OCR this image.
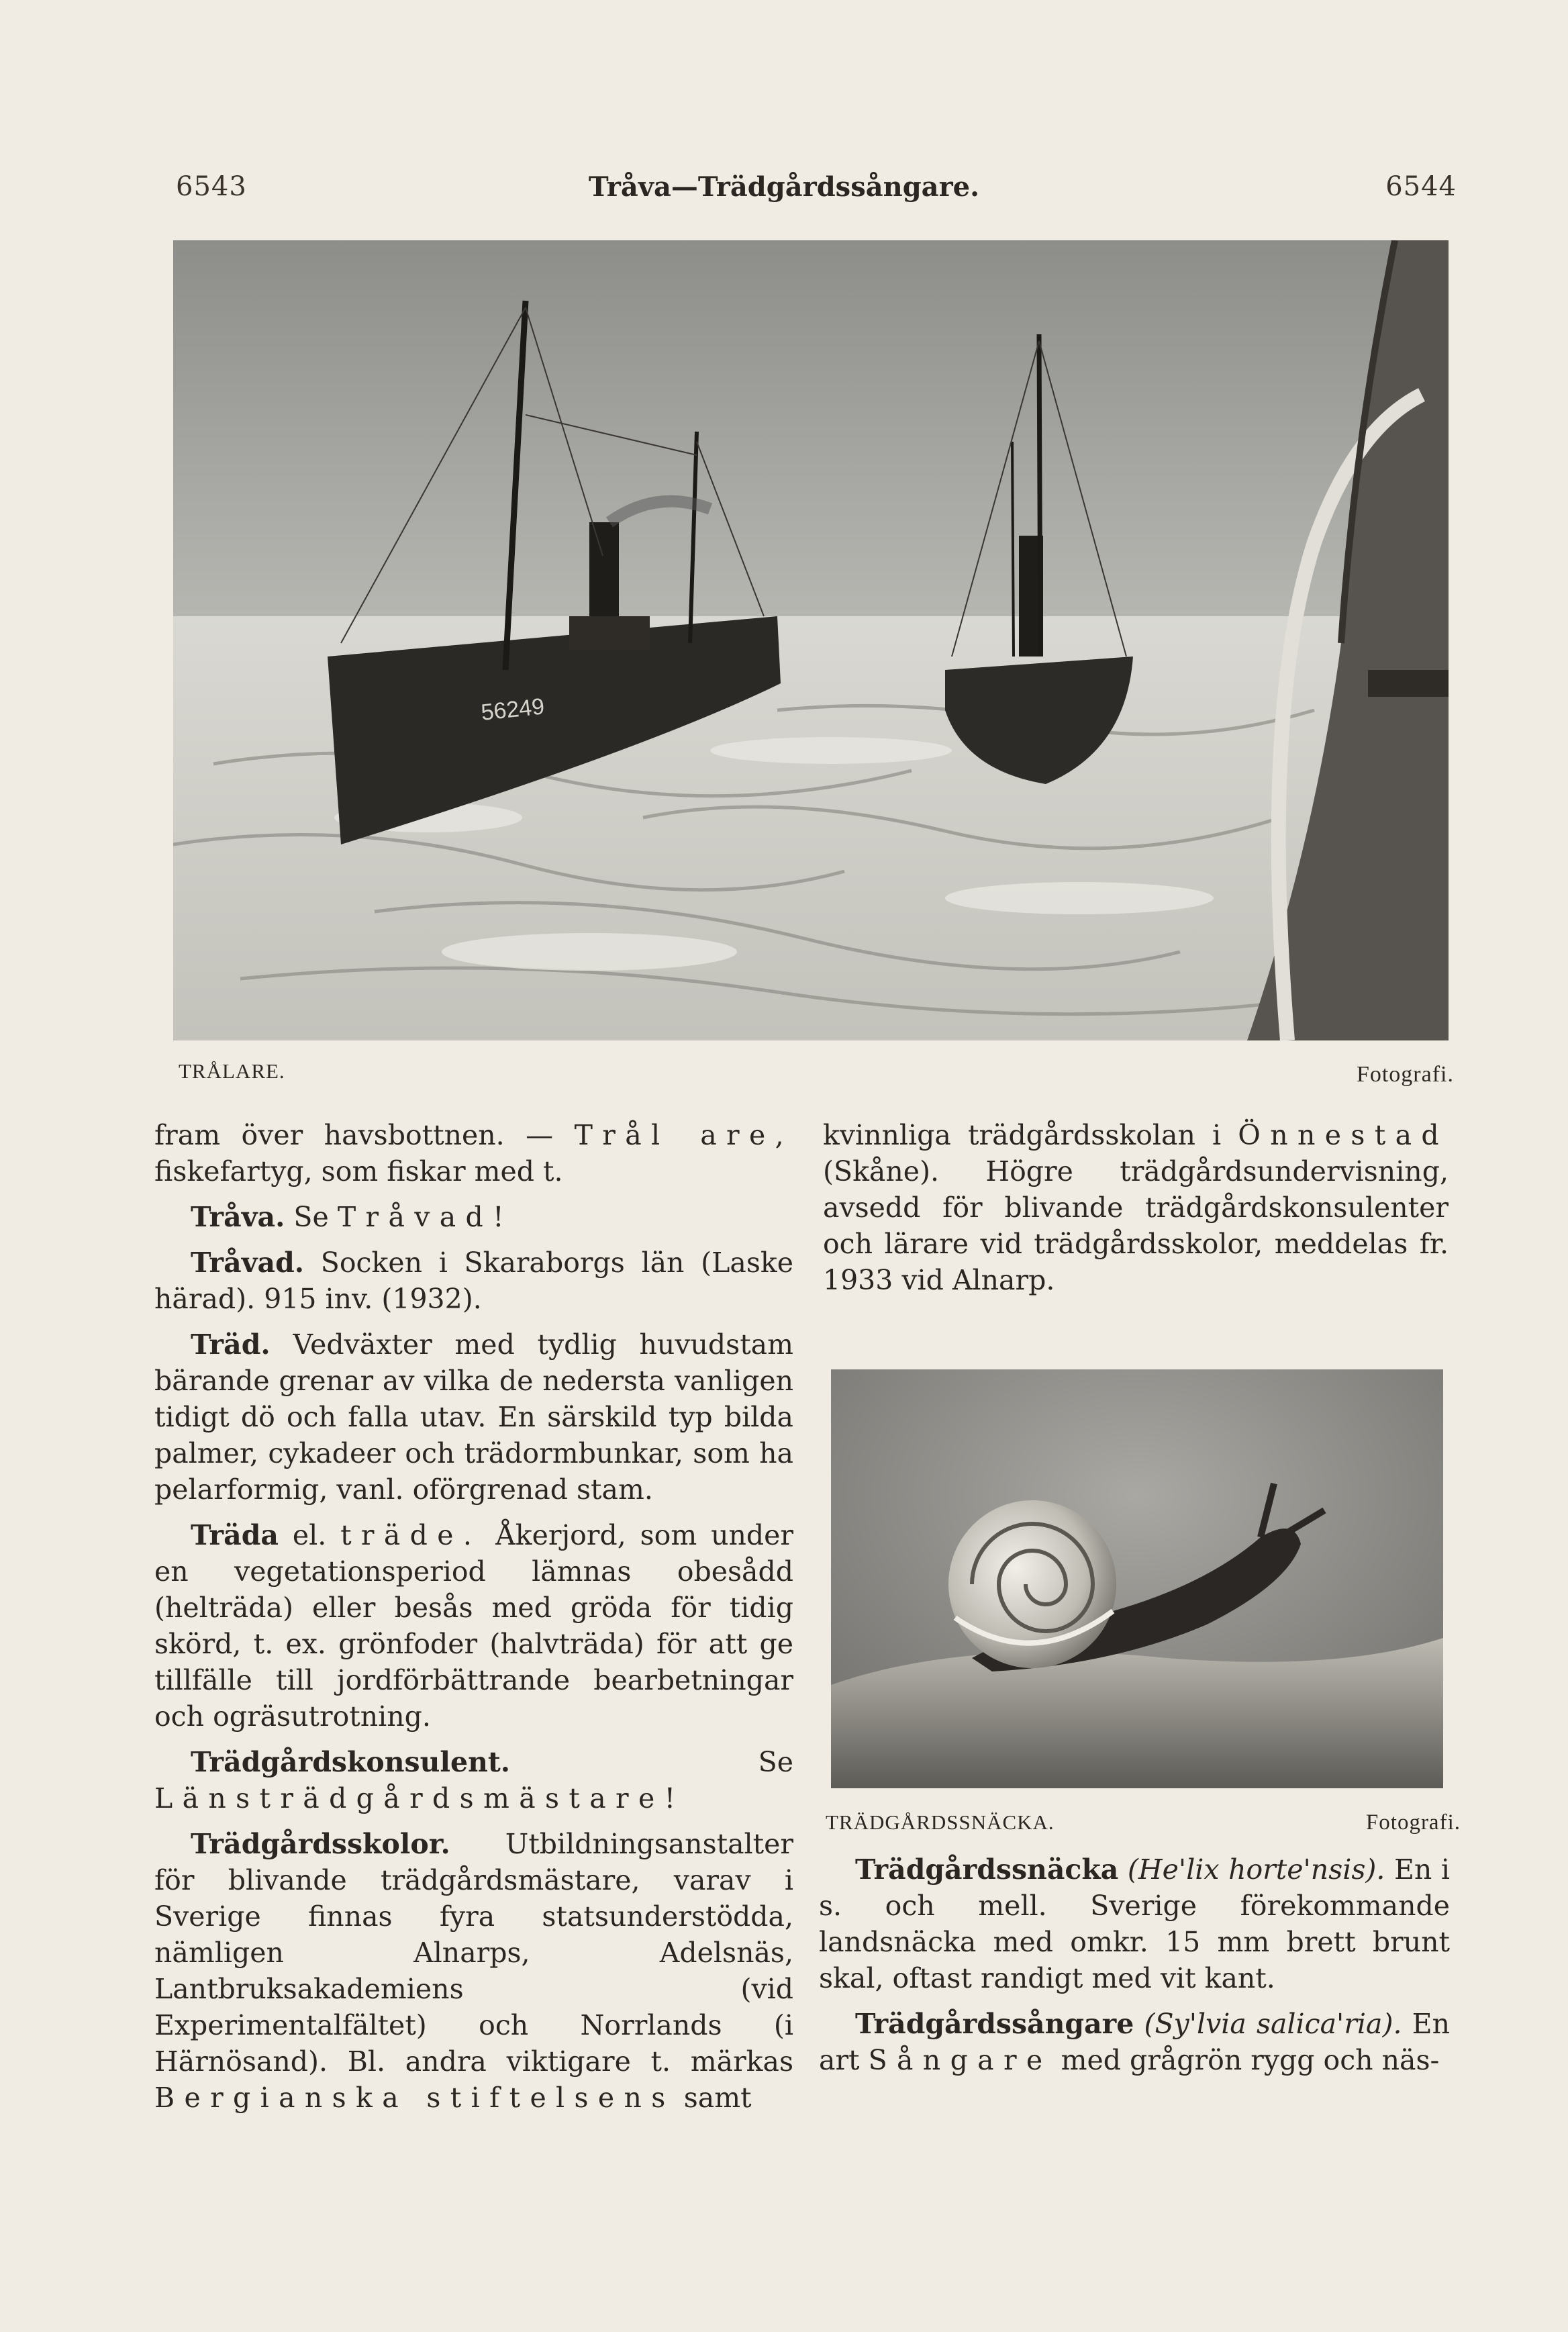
6543	Tråva—Trädgårdssångare.	6544
56249
TRÅLARE.	Fotografi.

fram över havsbottnen. — Trål are, fiskefartyg, som fiskar med t.

Tråva. Se Tråvad!

Tråvad. Socken i Skaraborgs län (Laske härad). 915 inv. (1932).

Träd. Vedväxter med tydlig huvudstam bärande grenar av vilka de nedersta vanligen tidigt dö och falla utav. En särskild typ bilda palmer, cykadeer och trädormbunkar, som ha pelarformig, vanl. oförgrenad stam.

Träda el. träde. Åkerjord, som under en vegetationsperiod lämnas obesådd (helträda) eller besås med gröda för tidig skörd, t. ex. grönfoder (halvträda) för att ge tillfälle till jordförbättrande bearbetningar och ogräsutrotning.

Trädgårdskonsulent.	Se Länsträdgårdsmästare!

Trädgårdsskolor. Utbildningsanstalter för blivande trädgårdsmästare, varav i Sverige finnas fyra statsunderstödda, nämligen Alnarps, Adelsnäs, Lantbruksakademiens (vid Experimentalfältet) och Norrlands (i Härnösand). Bl. andra viktigare t. märkas Bergianska stiftelsens samt

kvinnliga trädgårdsskolan i Önnestad (Skåne). Högre trädgårdsundervisning, avsedd för blivande trädgårdskonsulenter och lärare vid trädgårdsskolor, meddelas fr. 1933 vid Alnarp.

TRÄDGÅRDSSNÄCKA.	Fotografi.

Trädgårdssnäcka (He'lix horte'nsis). En i s. och mell. Sverige förekommande landsnäcka med omkr. 15 mm brett brunt skal, oftast randigt med vit kant.

Trädgårdssångare (Sy'lvia salica'ria). En art Sångare med grågrön rygg och näs-
